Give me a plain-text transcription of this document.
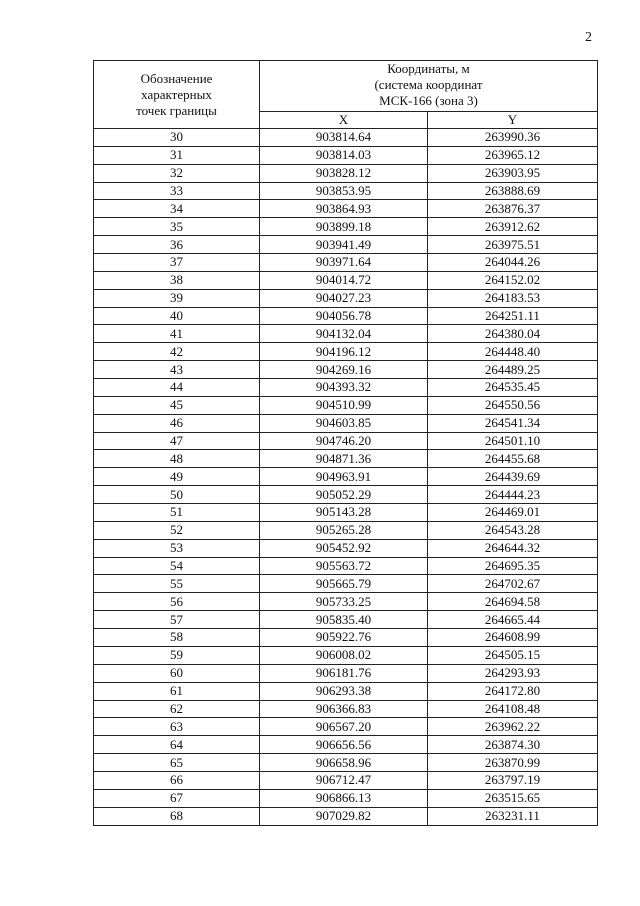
2
Обозначение
характерных
точек границы	Координаты, м
(система координат
МСК-166 (зона 3)	

	X	Y
30	903814.64	263990.36
31	903814.03	263965.12
32	903828.12	263903.95
33	903853.95	263888.69
34	903864.93	263876.37
35	903899.18	263912.62
36	903941.49	263975.51
37	903971.64	264044.26
38	904014.72	264152.02
39	904027.23	264183.53
40	904056.78	264251.11
41	904132.04	264380.04
42	904196.12	264448.40
43	904269.16	264489.25
44	904393.32	264535.45
45	904510.99	264550.56
46	904603.85	264541.34
47	904746.20	264501.10
48	904871.36	264455.68
49	904963.91	264439.69
50	905052.29	264444.23
51	905143.28	264469.01
52	905265.28	264543.28
53	905452.92	264644.32
54	905563.72	264695.35
55	905665.79	264702.67
56	905733.25	264694.58
57	905835.40	264665.44
58	905922.76	264608.99
59	906008.02	264505.15
60	906181.76	264293.93
61	906293.38	264172.80
62	906366.83	264108.48
63	906567.20	263962.22
64	906656.56	263874.30
65	906658.96	263870.99
66	906712.47	263797.19
67	906866.13	263515.65
68	907029.82	263231.11
